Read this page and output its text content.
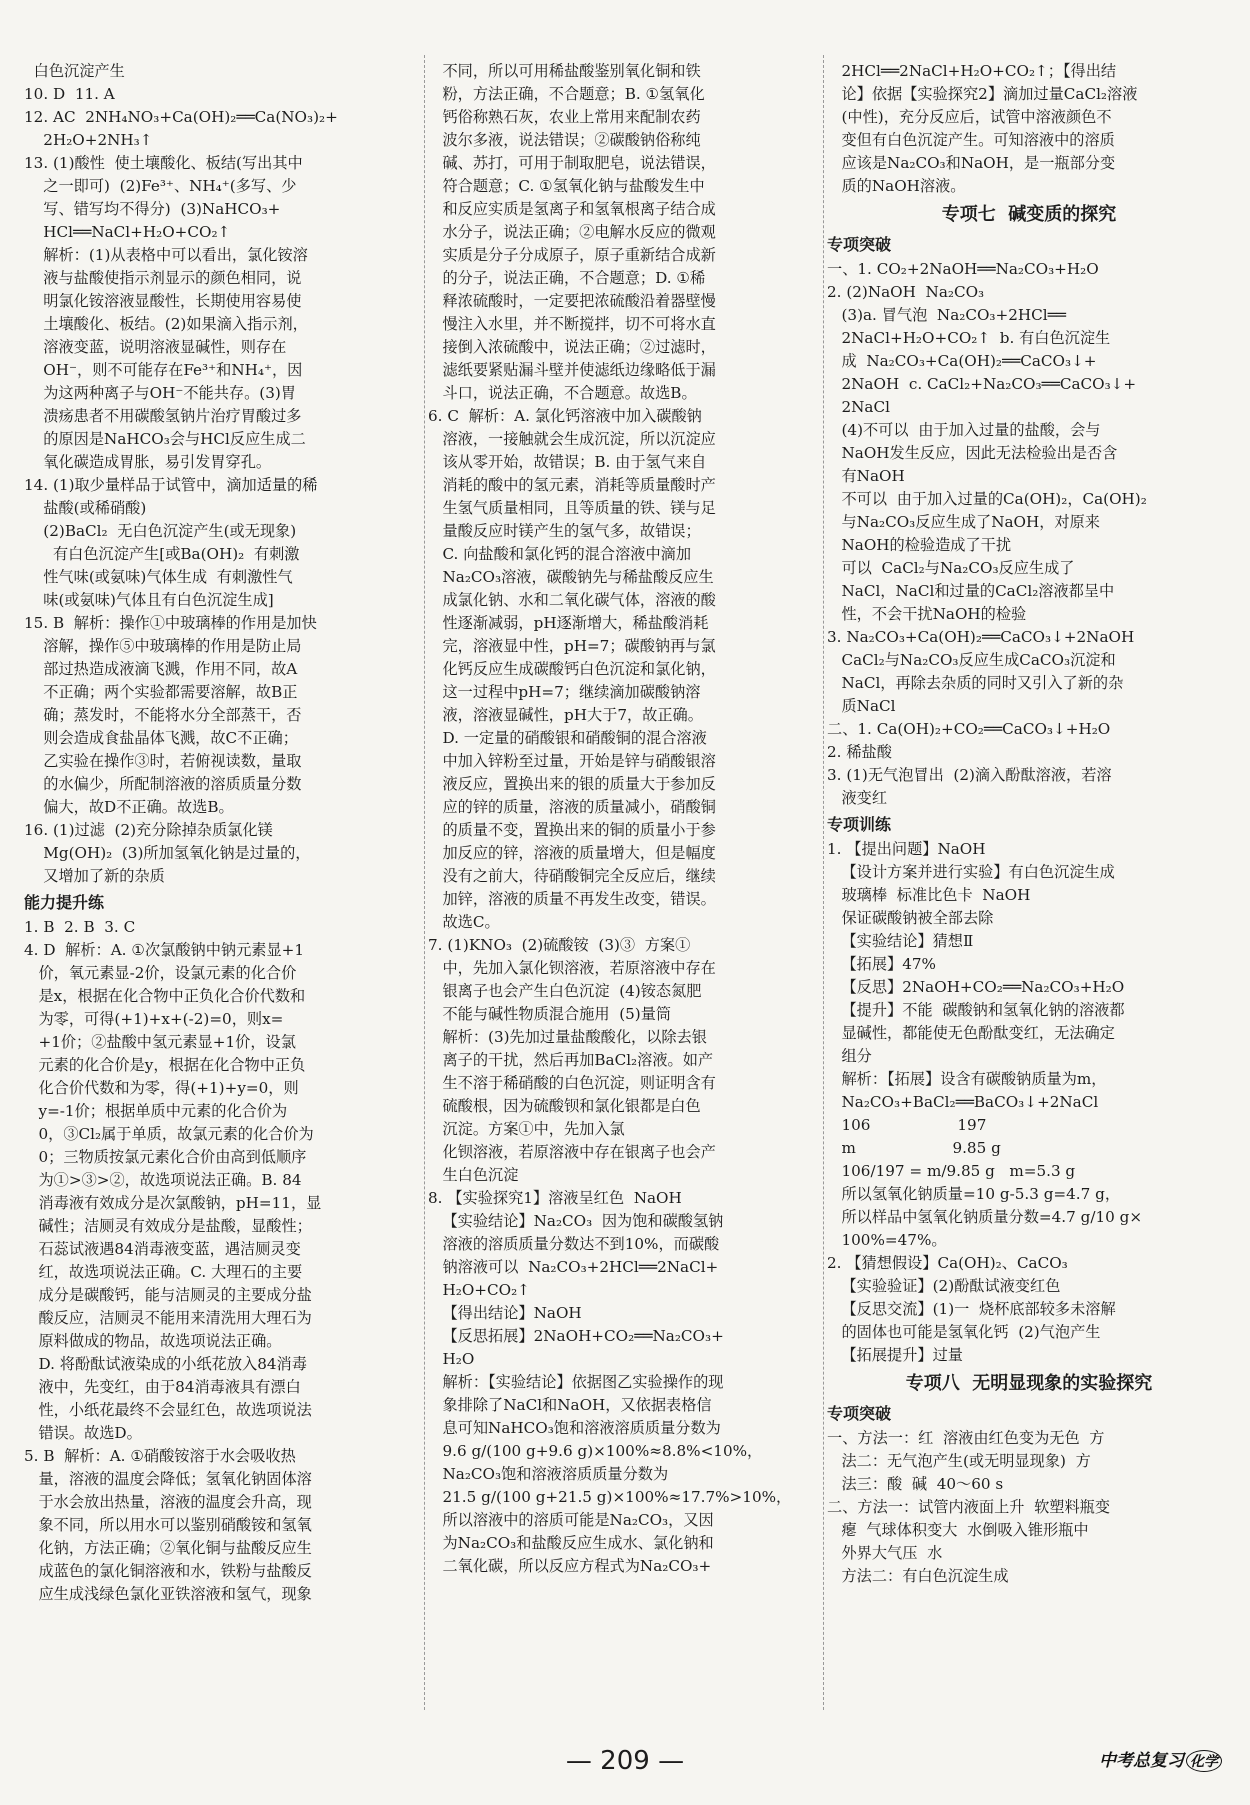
白色沉淀产生
10. D  11. A
12. AC  2NH₄NO₃+Ca(OH)₂══Ca(NO₃)₂+
2H₂O+2NH₃↑
13. (1)酸性  使土壤酸化、板结(写出其中
之一即可)  (2)Fe³⁺、NH₄⁺(多写、少
写、错写均不得分)  (3)NaHCO₃+
HCl══NaCl+H₂O+CO₂↑
解析：(1)从表格中可以看出，氯化铵溶
液与盐酸使指示剂显示的颜色相同，说
明氯化铵溶液显酸性，长期使用容易使
土壤酸化、板结。(2)如果滴入指示剂，
溶液变蓝，说明溶液显碱性，则存在
OH⁻，则不可能存在Fe³⁺和NH₄⁺，因
为这两种离子与OH⁻不能共存。(3)胃
溃疡患者不用碳酸氢钠片治疗胃酸过多
的原因是NaHCO₃会与HCl反应生成二
氧化碳造成胃胀，易引发胃穿孔。
14. (1)取少量样品于试管中，滴加适量的稀
盐酸(或稀硝酸)
(2)BaCl₂  无白色沉淀产生(或无现象)
有白色沉淀产生[或Ba(OH)₂  有刺激
性气味(或氨味)气体生成  有刺激性气
味(或氨味)气体且有白色沉淀生成]
15. B  解析：操作①中玻璃棒的作用是加快
溶解，操作⑤中玻璃棒的作用是防止局
部过热造成液滴飞溅，作用不同，故A
不正确；两个实验都需要溶解，故B正
确；蒸发时，不能将水分全部蒸干，否
则会造成食盐晶体飞溅，故C不正确；
乙实验在操作③时，若俯视读数，量取
的水偏少，所配制溶液的溶质质量分数
偏大，故D不正确。故选B。
16. (1)过滤  (2)充分除掉杂质氯化镁
Mg(OH)₂  (3)所加氢氧化钠是过量的，
又增加了新的杂质
能力提升练
1. B  2. B  3. C
4. D  解析：A. ①次氯酸钠中钠元素显+1
价，氧元素显-2价，设氯元素的化合价
是x，根据在化合物中正负化合价代数和
为零，可得(+1)+x+(-2)=0，则x=
+1价；②盐酸中氢元素显+1价，设氯
元素的化合价是y，根据在化合物中正负
化合价代数和为零，得(+1)+y=0，则
y=-1价；根据单质中元素的化合价为
0，③Cl₂属于单质，故氯元素的化合价为
0；三物质按氯元素化合价由高到低顺序
为①>③>②，故选项说法正确。B. 84
消毒液有效成分是次氯酸钠，pH=11，显
碱性；洁厕灵有效成分是盐酸，显酸性；
石蕊试液遇84消毒液变蓝，遇洁厕灵变
红，故选项说法正确。C. 大理石的主要
成分是碳酸钙，能与洁厕灵的主要成分盐
酸反应，洁厕灵不能用来清洗用大理石为
原料做成的物品，故选项说法正确。
D. 将酚酞试液染成的小纸花放入84消毒
液中，先变红，由于84消毒液具有漂白
性，小纸花最终不会显红色，故选项说法
错误。故选D。
5. B  解析：A. ①硝酸铵溶于水会吸收热
量，溶液的温度会降低；氢氧化钠固体溶
于水会放出热量，溶液的温度会升高，现
象不同，所以用水可以鉴别硝酸铵和氢氧
化钠，方法正确；②氧化铜与盐酸反应生
成蓝色的氯化铜溶液和水，铁粉与盐酸反
应生成浅绿色氯化亚铁溶液和氢气，现象
不同，所以可用稀盐酸鉴别氧化铜和铁
粉，方法正确，不合题意；B. ①氢氧化
钙俗称熟石灰，农业上常用来配制农药
波尔多液，说法错误；②碳酸钠俗称纯
碱、苏打，可用于制取肥皂，说法错误，
符合题意；C. ①氢氧化钠与盐酸发生中
和反应实质是氢离子和氢氧根离子结合成
水分子，说法正确；②电解水反应的微观
实质是分子分成原子，原子重新结合成新
的分子，说法正确，不合题意；D. ①稀
释浓硫酸时，一定要把浓硫酸沿着器壁慢
慢注入水里，并不断搅拌，切不可将水直
接倒入浓硫酸中，说法正确；②过滤时，
滤纸要紧贴漏斗壁并使滤纸边缘略低于漏
斗口，说法正确，不合题意。故选B。
6. C  解析：A. 氯化钙溶液中加入碳酸钠
溶液，一接触就会生成沉淀，所以沉淀应
该从零开始，故错误；B. 由于氢气来自
消耗的酸中的氢元素，消耗等质量酸时产
生氢气质量相同，且等质量的铁、镁与足
量酸反应时镁产生的氢气多，故错误；
C. 向盐酸和氯化钙的混合溶液中滴加
Na₂CO₃溶液，碳酸钠先与稀盐酸反应生
成氯化钠、水和二氧化碳气体，溶液的酸
性逐渐减弱，pH逐渐增大，稀盐酸消耗
完，溶液显中性，pH=7；碳酸钠再与氯
化钙反应生成碳酸钙白色沉淀和氯化钠，
这一过程中pH=7；继续滴加碳酸钠溶
液，溶液显碱性，pH大于7，故正确。
D. 一定量的硝酸银和硝酸铜的混合溶液
中加入锌粉至过量，开始是锌与硝酸银溶
液反应，置换出来的银的质量大于参加反
应的锌的质量，溶液的质量减小，硝酸铜
的质量不变，置换出来的铜的质量小于参
加反应的锌，溶液的质量增大，但是幅度
没有之前大，待硝酸铜完全反应后，继续
加锌，溶液的质量不再发生改变，错误。
故选C。
7. (1)KNO₃  (2)硫酸铵  (3)③  方案①
中，先加入氯化钡溶液，若原溶液中存在
银离子也会产生白色沉淀  (4)铵态氮肥
不能与碱性物质混合施用  (5)量筒
解析：(3)先加过量盐酸酸化，以除去银
离子的干扰，然后再加BaCl₂溶液。如产
生不溶于稀硝酸的白色沉淀，则证明含有
硫酸根，因为硫酸钡和氯化银都是白色
沉淀。方案①中，先加入氯
化钡溶液，若原溶液中存在银离子也会产
生白色沉淀
8. 【实验探究1】溶液呈红色  NaOH
【实验结论】Na₂CO₃  因为饱和碳酸氢钠
溶液的溶质质量分数达不到10%，而碳酸
钠溶液可以  Na₂CO₃+2HCl══2NaCl+
H₂O+CO₂↑
【得出结论】NaOH
【反思拓展】2NaOH+CO₂══Na₂CO₃+
H₂O
解析：【实验结论】依据图乙实验操作的现
象排除了NaCl和NaOH，又依据表格信
息可知NaHCO₃饱和溶液溶质质量分数为
9.6 g/(100 g+9.6 g)×100%≈8.8%<10%，
Na₂CO₃饱和溶液溶质质量分数为
21.5 g/(100 g+21.5 g)×100%≈17.7%>10%，
所以溶液中的溶质可能是Na₂CO₃，又因
为Na₂CO₃和盐酸反应生成水、氯化钠和
二氧化碳，所以反应方程式为Na₂CO₃+
2HCl══2NaCl+H₂O+CO₂↑；【得出结
论】依据【实验探究2】滴加过量CaCl₂溶液
(中性)，充分反应后，试管中溶液颜色不
变但有白色沉淀产生。可知溶液中的溶质
应该是Na₂CO₃和NaOH，是一瓶部分变
质的NaOH溶液。
专项七  碱变质的探究
专项突破
一、1. CO₂+2NaOH══Na₂CO₃+H₂O
2. (2)NaOH  Na₂CO₃
(3)a. 冒气泡  Na₂CO₃+2HCl══
2NaCl+H₂O+CO₂↑  b. 有白色沉淀生
成  Na₂CO₃+Ca(OH)₂══CaCO₃↓+
2NaOH  c. CaCl₂+Na₂CO₃══CaCO₃↓+
2NaCl
(4)不可以  由于加入过量的盐酸，会与
NaOH发生反应，因此无法检验出是否含
有NaOH
不可以  由于加入过量的Ca(OH)₂，Ca(OH)₂
与Na₂CO₃反应生成了NaOH，对原来
NaOH的检验造成了干扰
可以  CaCl₂与Na₂CO₃反应生成了
NaCl，NaCl和过量的CaCl₂溶液都呈中
性，不会干扰NaOH的检验
3. Na₂CO₃+Ca(OH)₂══CaCO₃↓+2NaOH
CaCl₂与Na₂CO₃反应生成CaCO₃沉淀和
NaCl，再除去杂质的同时又引入了新的杂
质NaCl
二、1. Ca(OH)₂+CO₂══CaCO₃↓+H₂O
2. 稀盐酸
3. (1)无气泡冒出  (2)滴入酚酞溶液，若溶
液变红
专项训练
1. 【提出问题】NaOH
【设计方案并进行实验】有白色沉淀生成
玻璃棒  标准比色卡  NaOH
保证碳酸钠被全部去除
【实验结论】猜想Ⅱ
【拓展】47%
【反思】2NaOH+CO₂══Na₂CO₃+H₂O
【提升】不能  碳酸钠和氢氧化钠的溶液都
显碱性，都能使无色酚酞变红，无法确定
组分
解析：【拓展】设含有碳酸钠质量为m，
Na₂CO₃+BaCl₂══BaCO₃↓+2NaCl
106                  197
m                    9.85 g
106/197 = m/9.85 g   m=5.3 g
所以氢氧化钠质量=10 g-5.3 g=4.7 g，
所以样品中氢氧化钠质量分数=4.7 g/10 g×
100%=47%。
2. 【猜想假设】Ca(OH)₂、CaCO₃
【实验验证】(2)酚酞试液变红色
【反思交流】(1)一  烧杯底部较多未溶解
的固体也可能是氢氧化钙  (2)气泡产生
【拓展提升】过量
专项八  无明显现象的实验探究
专项突破
一、方法一：红  溶液由红色变为无色  方
法二：无气泡产生(或无明显现象)  方
法三：酸  碱  40～60 s
二、方法一：试管内液面上升  软塑料瓶变
瘪  气球体积变大  水倒吸入锥形瓶中
外界大气压  水
方法二：有白色沉淀生成
— 209 —	中考总复习 化学
